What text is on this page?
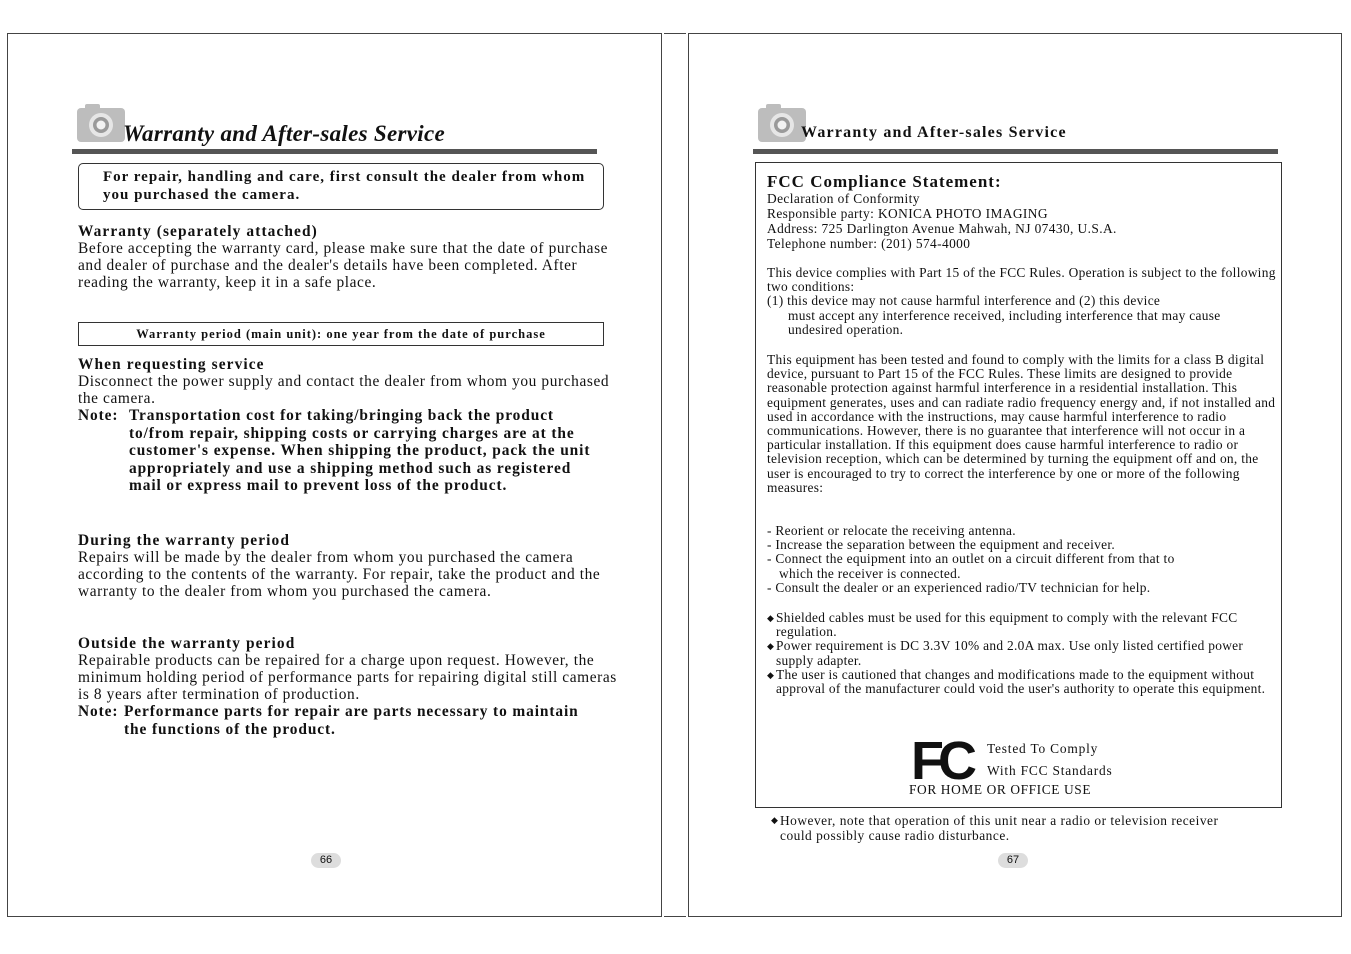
Warranty and After-sales Service
For repair, handling and care, first consult the dealer from whom you purchased the camera.
Warranty (separately attached)
Before accepting the warranty card, please make sure that the date of purchase and dealer of purchase and the dealer's details have been completed. After reading the warranty, keep it in a safe place.
Warranty period (main unit): one year from the date of purchase
When requesting service
Disconnect the power supply and contact the dealer from whom you purchased the camera.
Note: Transportation cost for taking/bringing back the product to/from repair, shipping costs or carrying charges are at the customer's expense. When shipping the product, pack the unit appropriately and use a shipping method such as registered mail or express mail to prevent loss of the product.
During the warranty period
Repairs will be made by the dealer from whom you purchased the camera according to the contents of the warranty. For repair, take the product and the warranty to the dealer from whom you purchased the camera.
Outside the warranty period
Repairable products can be repaired for a charge upon request. However, the minimum holding period of performance parts for repairing digital still cameras is 8 years after termination of production.
Note: Performance parts for repair are parts necessary to maintain the functions of the product.
66
Warranty and After-sales Service
FCC Compliance Statement:
Declaration of Conformity
Responsible party: KONICA PHOTO IMAGING
Address: 725 Darlington Avenue Mahwah, NJ 07430, U.S.A.
Telephone number: (201) 574-4000

This device complies with Part 15 of the FCC Rules. Operation is subject to the following two conditions:

(1) this device may not cause harmful interference and (2) this device

must accept any interference received, including interference that may cause undesired operation.

This equipment has been tested and found to comply with the limits for a class B digital device, pursuant to Part 15 of the FCC Rules. These limits are designed to provide reasonable protection against harmful interference in a residential installation. This equipment generates, uses and can radiate radio frequency energy and, if not installed and used in accordance with the instructions, may cause harmful interference to radio communications. However, there is no guarantee that interference will not occur in a particular installation. If this equipment does cause harmful interference to radio or television reception, which can be determined by turning the equipment off and on, the user is encouraged to try to correct the interference by one or more of the following measures:

- Reorient or relocate the receiving antenna.

- Increase the separation between the equipment and receiver.

- Connect the equipment into an outlet on a circuit different from that to

which the receiver is connected.

- Consult the dealer or an experienced radio/TV technician for help.

◆ Shielded cables must be used for this equipment to comply with the relevant FCC regulation.
◆ Power requirement is DC 3.3V 10% and 2.0A max. Use only listed certified power supply adapter.
◆ The user is cautioned that changes and modifications made to the equipment without approval of the manufacturer could void the user's authority to operate this equipment.
FC	Tested To Comply
With FCC Standards
FOR HOME OR OFFICE USE
◆ However, note that operation of this unit near a radio or television receiver could possibly cause radio disturbance.
67
